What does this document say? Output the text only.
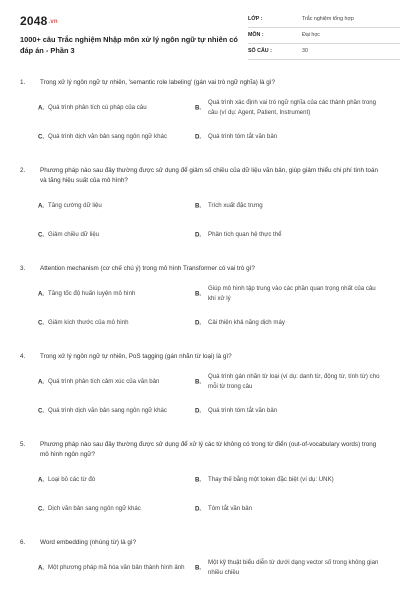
2048.vn
1000+ câu Trắc nghiệm Nhập môn xử lý ngôn ngữ tự nhiên có đáp án - Phần 3
LỚP :	Trắc nghiệm tổng hợp
MÔN :	Đại học
SỐ CÂU :	30
1. Trong xử lý ngôn ngữ tự nhiên, 'semantic role labeling' (gán vai trò ngữ nghĩa) là gì?
A. Quá trình phân tích cú pháp của câu	B.
Quá trình xác định vai trò ngữ nghĩa của các thành phần trong câu (ví dụ: Agent, Patient, Instrument)
C. Quá trình dịch văn bản sang ngôn ngữ khác	D. Quá trình tóm tắt văn bản
2. Phương pháp nào sau đây thường được sử dụng để giảm số chiều của dữ liệu văn bản, giúp giảm thiểu chi phí tính toán và tăng hiệu suất của mô hình?
A. Tăng cường dữ liệu	B. Trích xuất đặc trưng
C. Giảm chiều dữ liệu	D. Phân tích quan hệ thực thể
3. Attention mechanism (cơ chế chú ý) trong mô hình Transformer có vai trò gì?
A. Tăng tốc độ huấn luyện mô hình	B.
Giúp mô hình tập trung vào các phần quan trọng nhất của câu khi xử lý
C. Giảm kích thước của mô hình	D. Cải thiện khả năng dịch máy
4. Trong xử lý ngôn ngữ tự nhiên, PoS tagging (gán nhãn từ loại) là gì?
A. Quá trình phân tích cảm xúc của văn bản	B.
Quá trình gán nhãn từ loại (ví dụ: danh từ, động từ, tính từ) cho mỗi từ trong câu
C. Quá trình dịch văn bản sang ngôn ngữ khác	D. Quá trình tóm tắt văn bản
5. Phương pháp nào sau đây thường được sử dụng để xử lý các từ không có trong từ điển (out-of-vocabulary words) trong mô hình ngôn ngữ?
A. Loại bỏ các từ đó	B. Thay thế bằng một token đặc biệt (ví dụ: UNK)
C. Dịch văn bản sang ngôn ngữ khác	D. Tóm tắt văn bản
6. Word embedding (nhúng từ) là gì?
A. Một phương pháp mã hóa văn bản thành hình ảnh B.
Một kỹ thuật biểu diễn từ dưới dạng vector số trong không gian nhiều chiều
